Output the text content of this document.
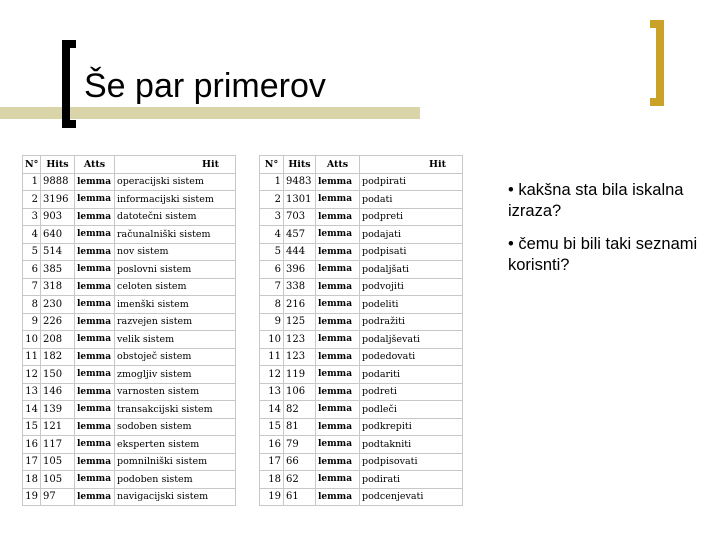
Še par primerov
N°	Hits	Atts	Hit
1	9888	lemma	operacijski sistem
2	3196	lemma	informacijski sistem
3	903	lemma	datotečni sistem
4	640	lemma	računalniški sistem
5	514	lemma	nov sistem
6	385	lemma	poslovni sistem
7	318	lemma	celoten sistem
8	230	lemma	imenški sistem
9	226	lemma	razvejen sistem
10	208	lemma	velik sistem
11	182	lemma	obstoječ sistem
12	150	lemma	zmogljiv sistem
13	146	lemma	varnosten sistem
14	139	lemma	transakcijski sistem
15	121	lemma	sodoben sistem
16	117	lemma	eksperten sistem
17	105	lemma	pomnilniški sistem
18	105	lemma	podoben sistem
19	97	lemma	navigacijski sistem
N°	Hits	Atts	Hit
1	9483	lemma	podpirati
2	1301	lemma	podati
3	703	lemma	podpreti
4	457	lemma	podajati
5	444	lemma	podpisati
6	396	lemma	podaljšati
7	338	lemma	podvojiti
8	216	lemma	podeliti
9	125	lemma	podražiti
10	123	lemma	podaljševati
11	123	lemma	podedovati
12	119	lemma	podariti
13	106	lemma	podreti
14	82	lemma	podleči
15	81	lemma	podkrepiti
16	79	lemma	podtakniti
17	66	lemma	podpisovati
18	62	lemma	podirati
19	61	lemma	podcenjevati
• kakšna sta bila iskalna izraza?
• čemu bi bili taki seznami korisnti?
